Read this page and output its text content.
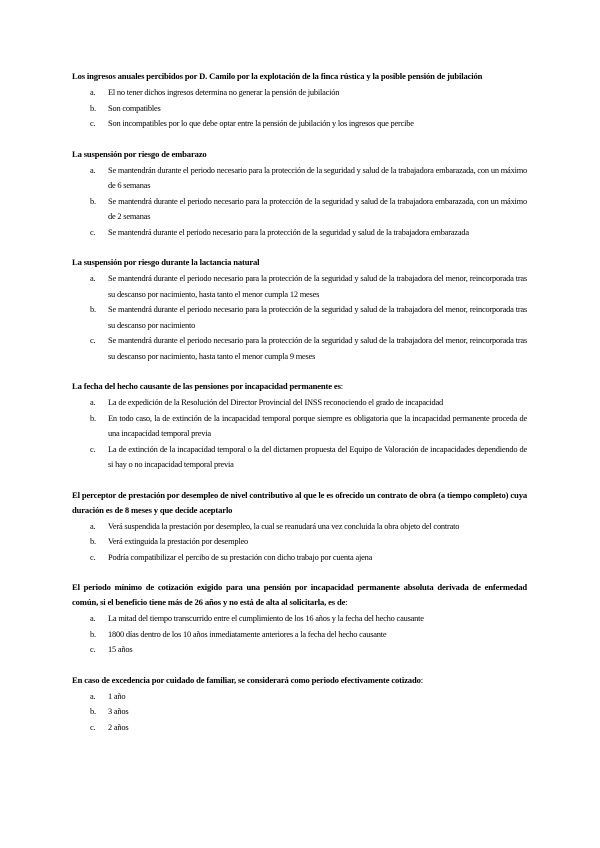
Los ingresos anuales percibidos por D. Camilo por la explotación de la finca rústica y la posible pensión de jubilación
a. El no tener dichos ingresos determina no generar la pensión de jubilación
b. Son compatibles
c. Son incompatibles por lo que debe optar entre la pensión de jubilación y los ingresos que percibe
La suspensión por riesgo de embarazo
a. Se mantendrán durante el periodo necesario para la protección de la seguridad y salud de la trabajadora embarazada, con un máximo de 6 semanas
b. Se mantendrá durante el periodo necesario para la protección de la seguridad y salud de la trabajadora embarazada, con un máximo de 2 semanas
c. Se mantendrá durante el periodo necesario para la protección de la seguridad y salud de la trabajadora embarazada
La suspensión por riesgo durante la lactancia natural
a. Se mantendrá durante el periodo necesario para la protección de la seguridad y salud de la trabajadora del menor, reincorporada tras su descanso por nacimiento, hasta tanto el menor cumpla 12 meses
b. Se mantendrá durante el periodo necesario para la protección de la seguridad y salud de la trabajadora del menor, reincorporada tras su descanso por nacimiento
c. Se mantendrá durante el periodo necesario para la protección de la seguridad y salud de la trabajadora del menor, reincorporada tras su descanso por nacimiento, hasta tanto el menor cumpla 9 meses
La fecha del hecho causante de las pensiones por incapacidad permanente es:
a. La de expedición de la Resolución del Director Provincial del INSS reconociendo el grado de incapacidad
b. En todo caso, la de extinción de la incapacidad temporal porque siempre es obligatoria que la incapacidad permanente proceda de una incapacidad temporal previa
c. La de extinción de la incapacidad temporal o la del dictamen propuesta del Equipo de Valoración de incapacidades dependiendo de si hay o no incapacidad temporal previa
El perceptor de prestación por desempleo de nivel contributivo al que le es ofrecido un contrato de obra (a tiempo completo) cuya duración es de 8 meses y que decide aceptarlo
a. Verá suspendida la prestación por desempleo, la cual se reanudará una vez concluida la obra objeto del contrato
b. Verá extinguida la prestación por desempleo
c. Podría compatibilizar el percibo de su prestación con dicho trabajo por cuenta ajena
El periodo mínimo de cotización exigido para una pensión por incapacidad permanente absoluta derivada de enfermedad común, si el beneficio tiene más de 26 años y no está de alta al solicitarla, es de:
a. La mitad del tiempo transcurrido entre el cumplimiento de los 16 años y la fecha del hecho causante
b. 1800 días dentro de los 10 años inmediatamente anteriores a la fecha del hecho causante
c. 15 años
En caso de excedencia por cuidado de familiar, se considerará como periodo efectivamente cotizado:
a. 1 año
b. 3 años
c. 2 años
